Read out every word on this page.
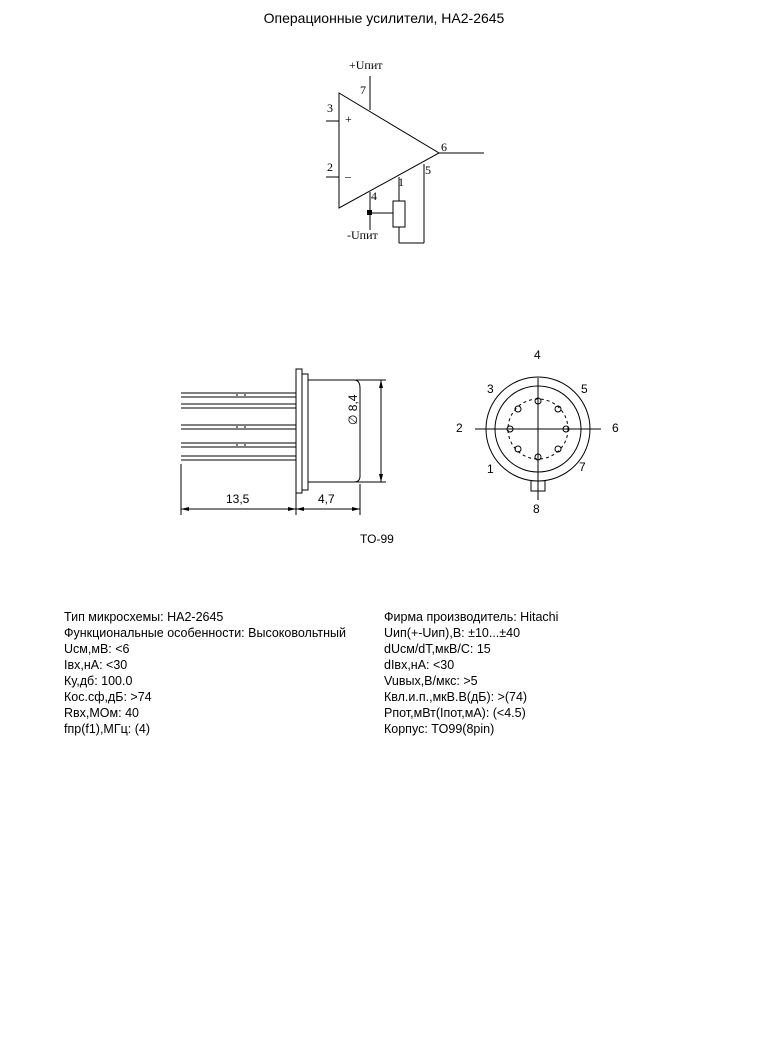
Операционные усилители, НА2-2645
+Uпит
7
3
+
2
–
6
4
1
5
-Uпит
13,5	4,7
∅ 8,4
4
3	5
2	6
1	7
8
TO-99
Тип микросхемы: НА2-2645
Функциональные особенности: Высоковольтный
Ucм,мВ: <6
Iвх,нА: <30
Ку,дб: 100.0
Кос.сф,дБ: >74
Rвх,МОм: 40
fпр(f1),МГц: (4)
Фирма производитель: Hitachi
Uип(+-Uип),В: ±10...±40
dUсм/dT,мкВ/С: 15
dIвх,нА: <30
Vuвых,В/мкс: >5
Квл.и.п.,мкВ.В(дБ): >(74)
Рпот,мВт(Iпот,мА): (<4.5)
Корпус: TO99(8pin)
